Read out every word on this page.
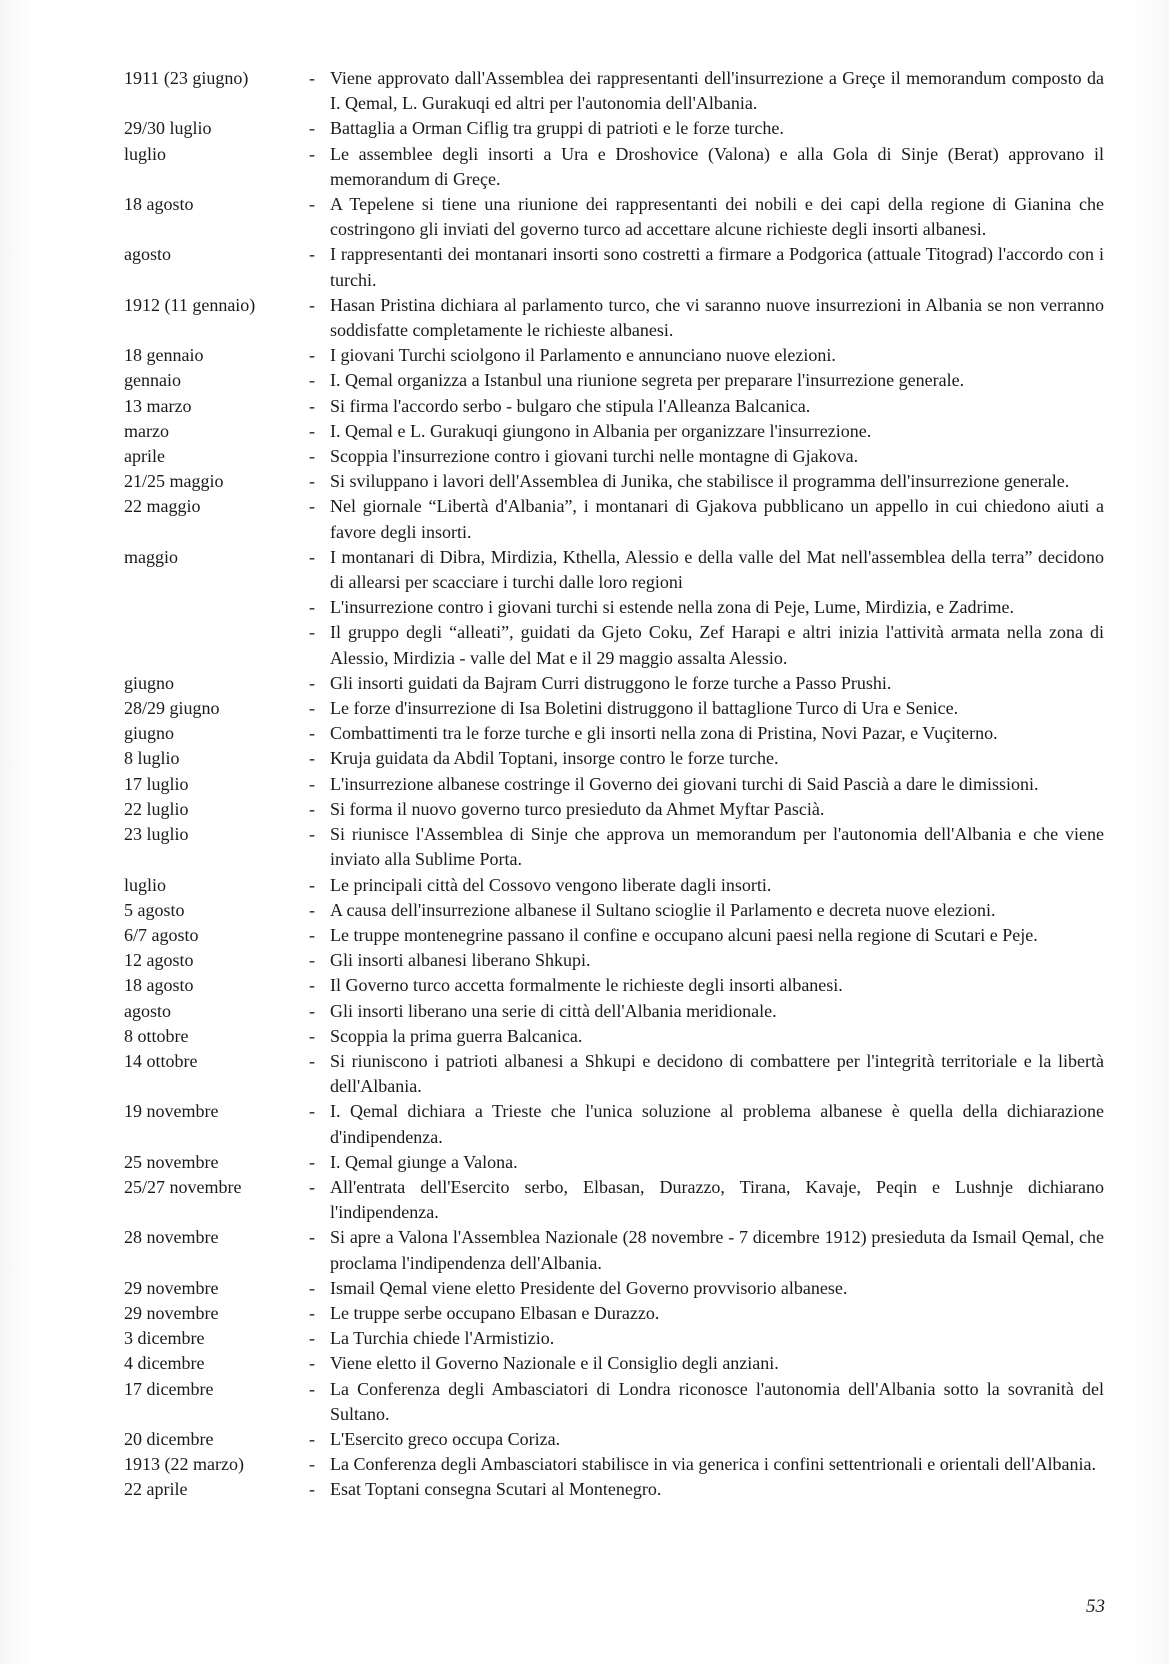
1911 (23 giugno)	- Viene approvato dall'Assemblea dei rappresentanti dell'insurrezione a Greçe il memorandum composto da I. Qemal, L. Gurakuqi ed altri per l'autonomia dell'Albania.
29/30 luglio	- Battaglia a Orman Ciflig tra gruppi di patrioti e le forze turche.
luglio	- Le assemblee degli insorti a Ura e Droshovice (Valona) e alla Gola di Sinje (Berat) approvano il memorandum di Greçe.
18 agosto	- A Tepelene si tiene una riunione dei rappresentanti dei nobili e dei capi della regione di Gianina che costringono gli inviati del governo turco ad accettare alcune richieste degli insorti albanesi.
agosto	- I rappresentanti dei montanari insorti sono costretti a firmare a Podgorica (attuale Titograd) l'accordo con i turchi.
1912 (11 gennaio)	- Hasan Pristina dichiara al parlamento turco, che vi saranno nuove insurrezioni in Albania se non verranno soddisfatte completamente le richieste albanesi.
18 gennaio	- I giovani Turchi sciolgono il Parlamento e annunciano nuove elezioni.
gennaio	- I. Qemal organizza a Istanbul una riunione segreta per preparare l'insurrezione generale.
13 marzo	- Si firma l'accordo serbo - bulgaro che stipula l'Alleanza Balcanica.
marzo	- I. Qemal e L. Gurakuqi giungono in Albania per organizzare l'insurrezione.
aprile	- Scoppia l'insurrezione contro i giovani turchi nelle montagne di Gjakova.
21/25 maggio	- Si sviluppano i lavori dell'Assemblea di Junika, che stabilisce il programma dell'insurrezione generale.
22 maggio	- Nel giornale “Libertà d'Albania”, i montanari di Gjakova pubblicano un appello in cui chiedono aiuti a favore degli insorti.
maggio	- I montanari di Dibra, Mirdizia, Kthella, Alessio e della valle del Mat nell'assemblea della terra” decidono di allearsi per scacciare i turchi dalle loro regioni
- L'insurrezione contro i giovani turchi si estende nella zona di Peje, Lume, Mirdizia, e Zadrime.
- Il gruppo degli “alleati”, guidati da Gjeto Coku, Zef Harapi e altri inizia l'attività armata nella zona di Alessio, Mirdizia - valle del Mat e il 29 maggio assalta Alessio.
giugno	- Gli insorti guidati da Bajram Curri distruggono le forze turche a Passo Prushi.
28/29 giugno	- Le forze d'insurrezione di Isa Boletini distruggono il battaglione Turco di Ura e Senice.
giugno	- Combattimenti tra le forze turche e gli insorti nella zona di Pristina, Novi Pazar, e Vuçiterno.
8 luglio	- Kruja guidata da Abdil Toptani, insorge contro le forze turche.
17 luglio	- L'insurrezione albanese costringe il Governo dei giovani turchi di Said Pascià a dare le dimissioni.
22 luglio	- Si forma il nuovo governo turco presieduto da Ahmet Myftar Pascià.
23 luglio	- Si riunisce l'Assemblea di Sinje che approva un memorandum per l'autonomia dell'Albania e che viene inviato alla Sublime Porta.
luglio	- Le principali città del Cossovo vengono liberate dagli insorti.
5 agosto	- A causa dell'insurrezione albanese il Sultano scioglie il Parlamento e decreta nuove elezioni.
6/7 agosto	- Le truppe montenegrine passano il confine e occupano alcuni paesi nella regione di Scutari e Peje.
12 agosto	- Gli insorti albanesi liberano Shkupi.
18 agosto	- Il Governo turco accetta formalmente le richieste degli insorti albanesi.
agosto	- Gli insorti liberano una serie di città dell'Albania meridionale.
8 ottobre	- Scoppia la prima guerra Balcanica.
14 ottobre	- Si riuniscono i patrioti albanesi a Shkupi e decidono di combattere per l'integrità territoriale e la libertà dell'Albania.
19 novembre	- I. Qemal dichiara a Trieste che l'unica soluzione al problema albanese è quella della dichiarazione d'indipendenza.
25 novembre	- I. Qemal giunge a Valona.
25/27 novembre	- All'entrata dell'Esercito serbo, Elbasan, Durazzo, Tirana, Kavaje, Peqin e Lushnje dichiarano l'indipendenza.
28 novembre	- Si apre a Valona l'Assemblea Nazionale (28 novembre - 7 dicembre 1912) presieduta da Ismail Qemal, che proclama l'indipendenza dell'Albania.
29 novembre	- Ismail Qemal viene eletto Presidente del Governo provvisorio albanese.
29 novembre	- Le truppe serbe occupano Elbasan e Durazzo.
3 dicembre	- La Turchia chiede l'Armistizio.
4 dicembre	- Viene eletto il Governo Nazionale e il Consiglio degli anziani.
17 dicembre	- La Conferenza degli Ambasciatori di Londra riconosce l'autonomia dell'Albania sotto la sovranità del Sultano.
20 dicembre	- L'Esercito greco occupa Coriza.
1913 (22 marzo)	- La Conferenza degli Ambasciatori stabilisce in via generica i confini settentrionali e orientali dell'Albania.
22 aprile	- Esat Toptani consegna Scutari al Montenegro.
53
